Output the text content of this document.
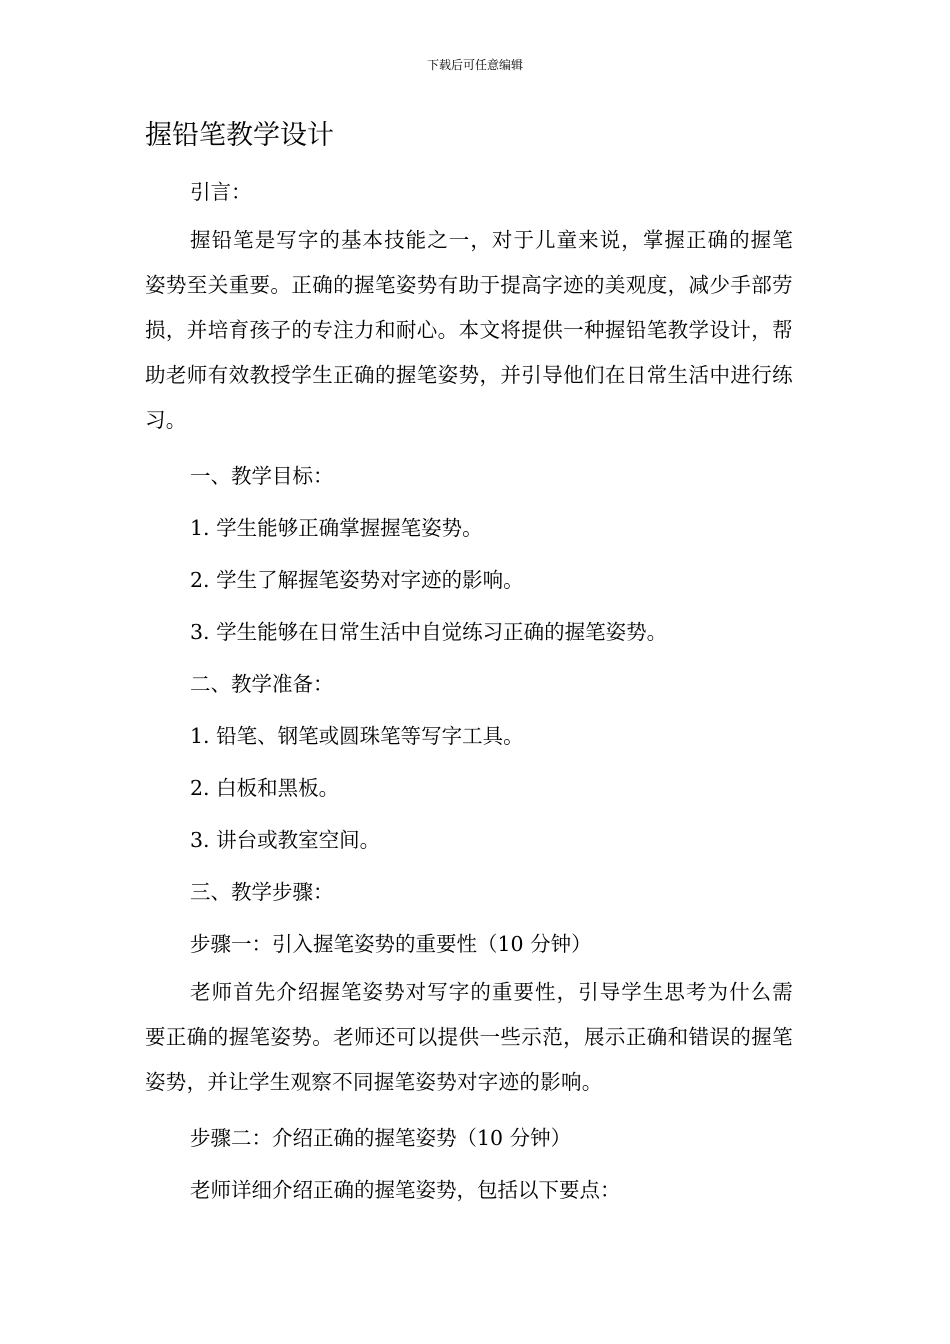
下载后可任意编辑
握铅笔教学设计

引言：

握铅笔是写字的基本技能之一，对于儿童来说，掌握正确的握笔姿势至关重要。正确的握笔姿势有助于提高字迹的美观度，减少手部劳损，并培育孩子的专注力和耐心。本文将提供一种握铅笔教学设计，帮助老师有效教授学生正确的握笔姿势，并引导他们在日常生活中进行练习。

一、教学目标：

1. 学生能够正确掌握握笔姿势。

2. 学生了解握笔姿势对字迹的影响。

3. 学生能够在日常生活中自觉练习正确的握笔姿势。

二、教学准备：

1. 铅笔、钢笔或圆珠笔等写字工具。

2. 白板和黑板。

3. 讲台或教室空间。

三、教学步骤：

步骤一：引入握笔姿势的重要性（10 分钟）

老师首先介绍握笔姿势对写字的重要性，引导学生思考为什么需要正确的握笔姿势。老师还可以提供一些示范，展示正确和错误的握笔姿势，并让学生观察不同握笔姿势对字迹的影响。

步骤二：介绍正确的握笔姿势（10 分钟）

老师详细介绍正确的握笔姿势，包括以下要点：
